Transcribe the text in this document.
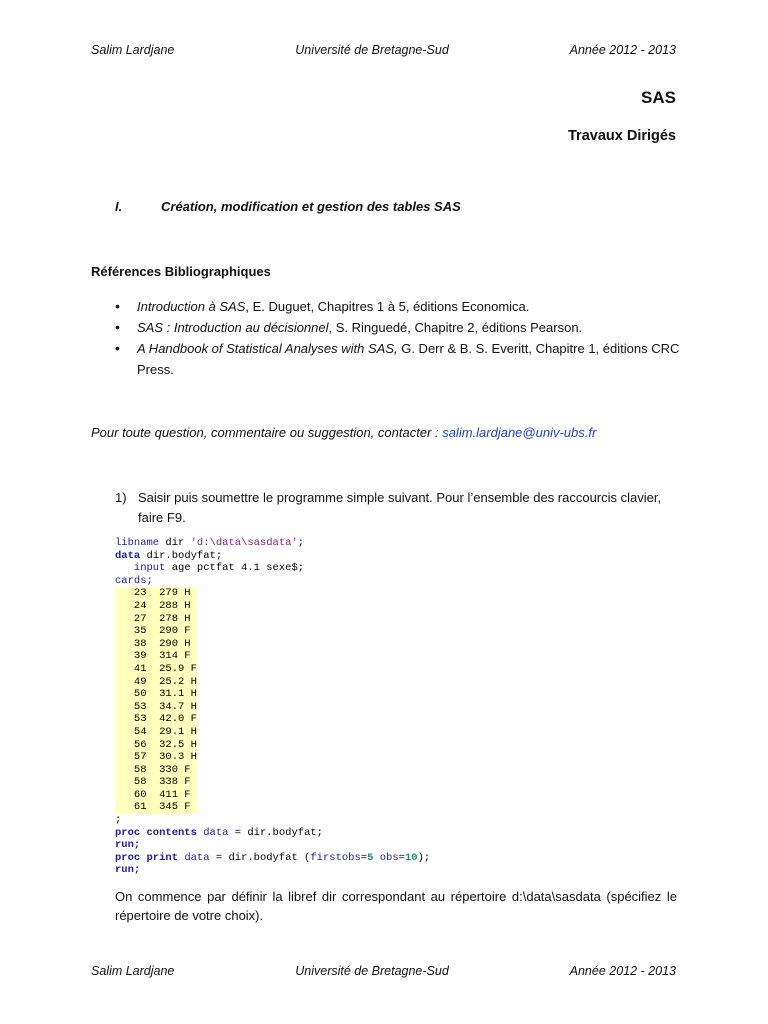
Salim Lardjane	Université de Bretagne-Sud	Année 2012 - 2013
SAS
Travaux Dirigés
I.	Création, modification et gestion des tables SAS
Références Bibliographiques
• Introduction à SAS, E. Duguet, Chapitres 1 à 5, éditions Economica.
• SAS : Introduction au décisionnel, S. Ringuedé, Chapitre 2, éditions Pearson.
• A Handbook of Statistical Analyses with SAS, G. Derr & B. S. Everitt, Chapitre 1, éditions CRC Press.
Pour toute question, commentaire ou suggestion, contacter : salim.lardjane@univ-ubs.fr
1) Saisir puis soumettre le programme simple suivant. Pour l’ensemble des raccourcis clavier, faire F9.
libname dir 'd:\data\sasdata';
data dir.bodyfat;
input age pctfat 4.1 sexe$;
cards;
23  279 H
24  288 H
27  278 H
35  290 F
38  290 H
39  314 F
41  25.9 F
49  25.2 H
50  31.1 H
53  34.7 H
53  42.0 F
54  29.1 H
56  32.5 H
57  30.3 H
58  330 F
58  338 F
60  411 F
61  345 F
;
proc contents data = dir.bodyfat;
run;
proc print data = dir.bodyfat (firstobs=5 obs=10);
run;
On commence par définir la libref dir correspondant au répertoire d:\data\sasdata (spécifiez le répertoire de votre choix).
Salim Lardjane	Université de Bretagne-Sud	Année 2012 - 2013
